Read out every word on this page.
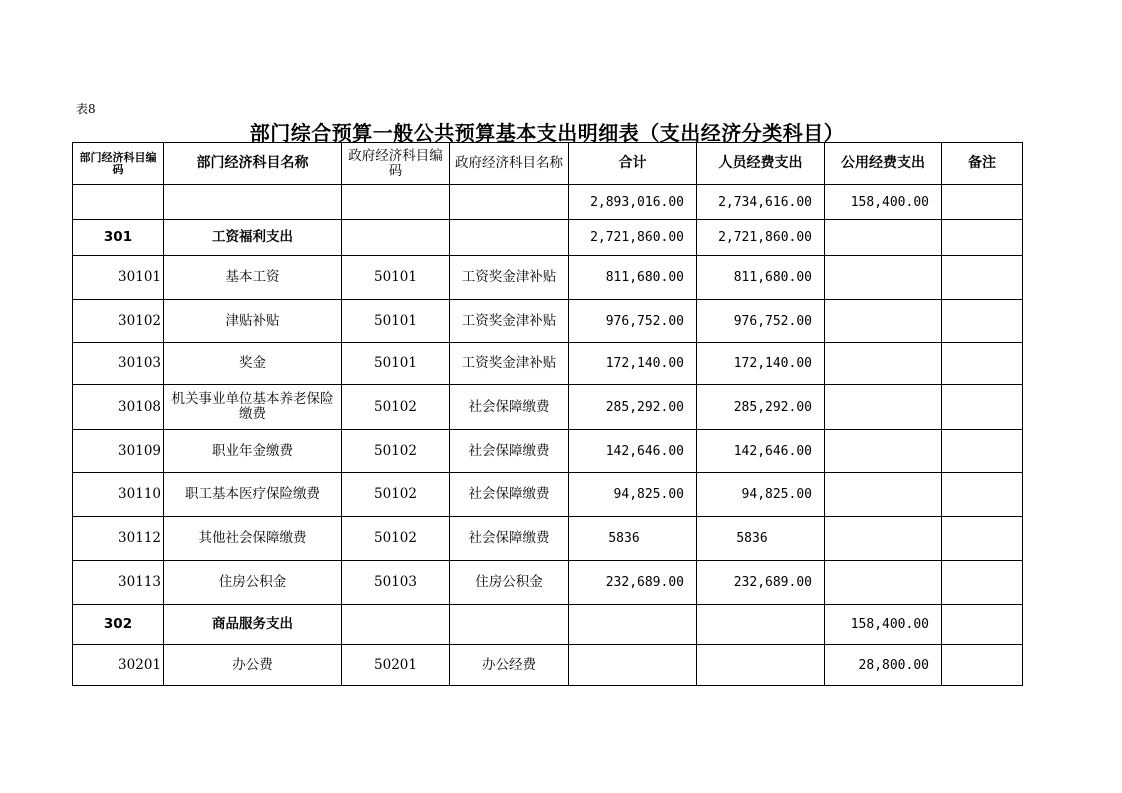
表8
部门综合预算一般公共预算基本支出明细表（支出经济分类科目）
部门经济科目编码	部门经济科目名称	政府经济科目编码	政府经济科目名称	合计	人员经费支出	公用经费支出	备注
				2,893,016.00	2,734,616.00	158,400.00	
301	工资福利支出			2,721,860.00	2,721,860.00		
30101	基本工资	50101	工资奖金津补贴	811,680.00	811,680.00		
30102	津贴补贴	50101	工资奖金津补贴	976,752.00	976,752.00		
30103	奖金	50101	工资奖金津补贴	172,140.00	172,140.00		
30108	机关事业单位基本养老保险缴费	50102	社会保障缴费	285,292.00	285,292.00		
30109	职业年金缴费	50102	社会保障缴费	142,646.00	142,646.00		
30110	职工基本医疗保险缴费	50102	社会保障缴费	94,825.00	94,825.00		
30112	其他社会保障缴费	50102	社会保障缴费	5836	5836		
30113	住房公积金	50103	住房公积金	232,689.00	232,689.00		
302	商品服务支出					158,400.00	
30201	办公费	50201	办公经费			28,800.00	
